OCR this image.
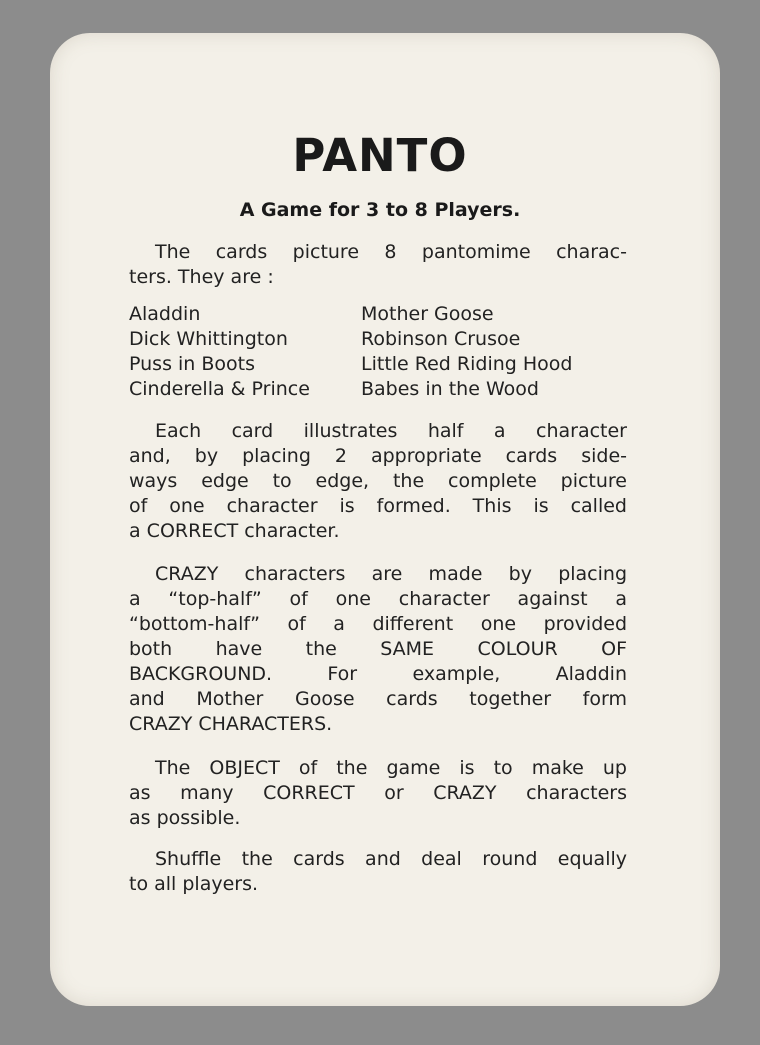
PANTO
A Game for 3 to 8 Players.

The cards picture 8 pantomime charac-
ters. They are :

Aladdin
Dick Whittington
Puss in Boots
Cinderella & Prince
Mother Goose
Robinson Crusoe
Little Red Riding Hood
Babes in the Wood

Each card illustrates half a character
and, by placing 2 appropriate cards side-
ways edge to edge, the complete picture
of one character is formed. This is called
a CORRECT character.

CRAZY characters are made by placing
a “top-half” of one character against a
“bottom-half” of a different one provided
both have the SAME COLOUR OF
BACKGROUND. For example, Aladdin
and Mother Goose cards together form
CRAZY CHARACTERS.

The OBJECT of the game is to make up
as many CORRECT or CRAZY characters
as possible.

Shuffle the cards and deal round equally
to all players.
